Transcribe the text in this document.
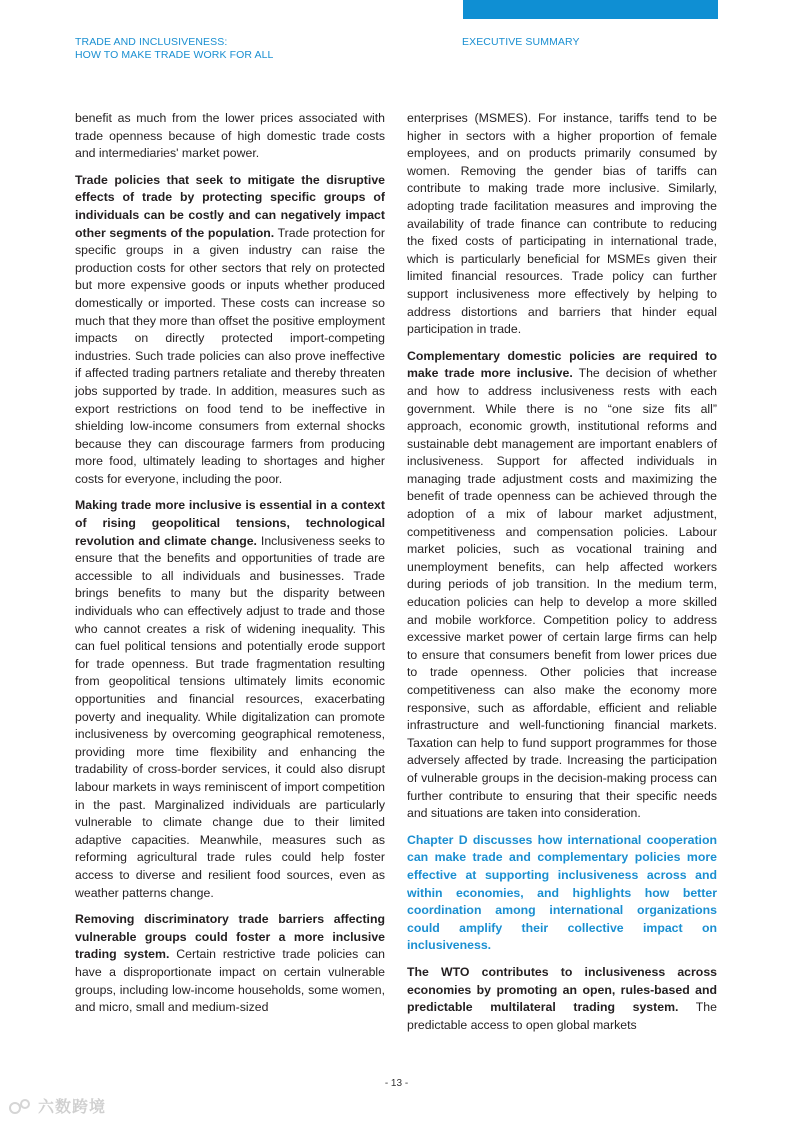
TRADE AND INCLUSIVENESS:
HOW TO MAKE TRADE WORK FOR ALL
EXECUTIVE SUMMARY

benefit as much from the lower prices associated with trade openness because of high domestic trade costs and intermediaries' market power.

Trade policies that seek to mitigate the disruptive effects of trade by protecting specific groups of individuals can be costly and can negatively impact other segments of the population. Trade protection for specific groups in a given industry can raise the production costs for other sectors that rely on protected but more expensive goods or inputs whether produced domestically or imported. These costs can increase so much that they more than offset the positive employment impacts on directly protected import-competing industries. Such trade policies can also prove ineffective if affected trading partners retaliate and thereby threaten jobs supported by trade. In addition, measures such as export restrictions on food tend to be ineffective in shielding low-income consumers from external shocks because they can discourage farmers from producing more food, ultimately leading to shortages and higher costs for everyone, including the poor.

Making trade more inclusive is essential in a context of rising geopolitical tensions, technological revolution and climate change. Inclusiveness seeks to ensure that the benefits and opportunities of trade are accessible to all individuals and businesses. Trade brings benefits to many but the disparity between individuals who can effectively adjust to trade and those who cannot creates a risk of widening inequality. This can fuel political tensions and potentially erode support for trade openness. But trade fragmentation resulting from geopolitical tensions ultimately limits economic opportunities and financial resources, exacerbating poverty and inequality. While digitalization can promote inclusiveness by overcoming geographical remoteness, providing more time flexibility and enhancing the tradability of cross-border services, it could also disrupt labour markets in ways reminiscent of import competition in the past. Marginalized individuals are particularly vulnerable to climate change due to their limited adaptive capacities. Meanwhile, measures such as reforming agricultural trade rules could help foster access to diverse and resilient food sources, even as weather patterns change.

Removing discriminatory trade barriers affecting vulnerable groups could foster a more inclusive trading system. Certain restrictive trade policies can have a disproportionate impact on certain vulnerable groups, including low-income households, some women, and micro, small and medium-sized

enterprises (MSMES). For instance, tariffs tend to be higher in sectors with a higher proportion of female employees, and on products primarily consumed by women. Removing the gender bias of tariffs can contribute to making trade more inclusive. Similarly, adopting trade facilitation measures and improving the availability of trade finance can contribute to reducing the fixed costs of participating in international trade, which is particularly beneficial for MSMEs given their limited financial resources. Trade policy can further support inclusiveness more effectively by helping to address distortions and barriers that hinder equal participation in trade.

Complementary domestic policies are required to make trade more inclusive. The decision of whether and how to address inclusiveness rests with each government. While there is no “one size fits all” approach, economic growth, institutional reforms and sustainable debt management are important enablers of inclusiveness. Support for affected individuals in managing trade adjustment costs and maximizing the benefit of trade openness can be achieved through the adoption of a mix of labour market adjustment, competitiveness and compensation policies. Labour market policies, such as vocational training and unemployment benefits, can help affected workers during periods of job transition. In the medium term, education policies can help to develop a more skilled and mobile workforce. Competition policy to address excessive market power of certain large firms can help to ensure that consumers benefit from lower prices due to trade openness. Other policies that increase competitiveness can also make the economy more responsive, such as affordable, efficient and reliable infrastructure and well-functioning financial markets. Taxation can help to fund support programmes for those adversely affected by trade. Increasing the participation of vulnerable groups in the decision-making process can further contribute to ensuring that their specific needs and situations are taken into consideration.

Chapter D discusses how international cooperation can make trade and complementary policies more effective at supporting inclusiveness across and within economies, and highlights how better coordination among international organizations could amplify their collective impact on inclusiveness.

The WTO contributes to inclusiveness across economies by promoting an open, rules-based and predictable multilateral trading system. The predictable access to open global markets

- 13 -
六数跨境
